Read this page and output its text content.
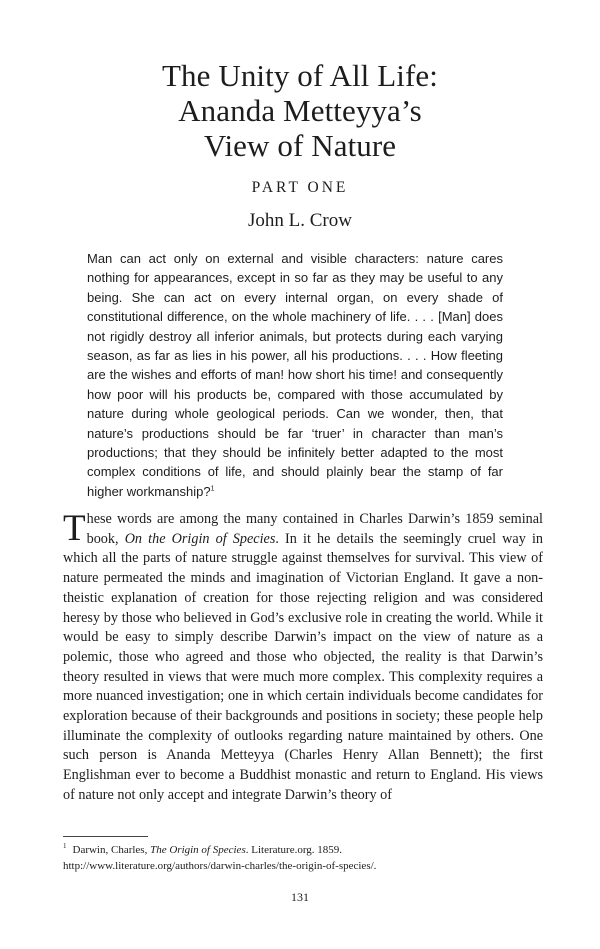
The Unity of All Life:
Ananda Metteyya’s
View of Nature
PART ONE
John L. Crow

Man can act only on external and visible characters: nature cares nothing for appearances, except in so far as they may be useful to any being. She can act on every internal organ, on every shade of constitutional difference, on the whole machinery of life. . . . [Man] does not rigidly destroy all inferior animals, but protects during each varying season, as far as lies in his power, all his productions. . . . How fleeting are the wishes and efforts of man! how short his time! and consequently how poor will his products be, compared with those accumulated by nature during whole geological periods. Can we wonder, then, that nature’s productions should be far ‘truer’ in character than man’s productions; that they should be infinitely better adapted to the most complex conditions of life, and should plainly bear the stamp of far higher workmanship?$^1$

These words are among the many contained in Charles Darwin’s 1859 seminal book, On the Origin of Species. In it he details the seemingly cruel way in which all the parts of nature struggle against themselves for survival. This view of nature permeated the minds and imagination of Victorian England. It gave a non-theistic explanation of creation for those rejecting religion and was considered heresy by those who believed in God’s exclusive role in creating the world. While it would be easy to simply describe Darwin’s impact on the view of nature as a polemic, those who agreed and those who objected, the reality is that Darwin’s theory resulted in views that were much more complex. This complexity requires a more nuanced investigation; one in which certain individuals become candidates for exploration because of their backgrounds and positions in society; these people help illuminate the complexity of outlooks regarding nature maintained by others. One such person is Ananda Metteyya (Charles Henry Allan Bennett); the first Englishman ever to become a Buddhist monastic and return to England. His views of nature not only accept and integrate Darwin’s theory of

$^1$ Darwin, Charles, The Origin of Species. Literature.org. 1859.
http://www.literature.org/authors/darwin-charles/the-origin-of-species/.

131
